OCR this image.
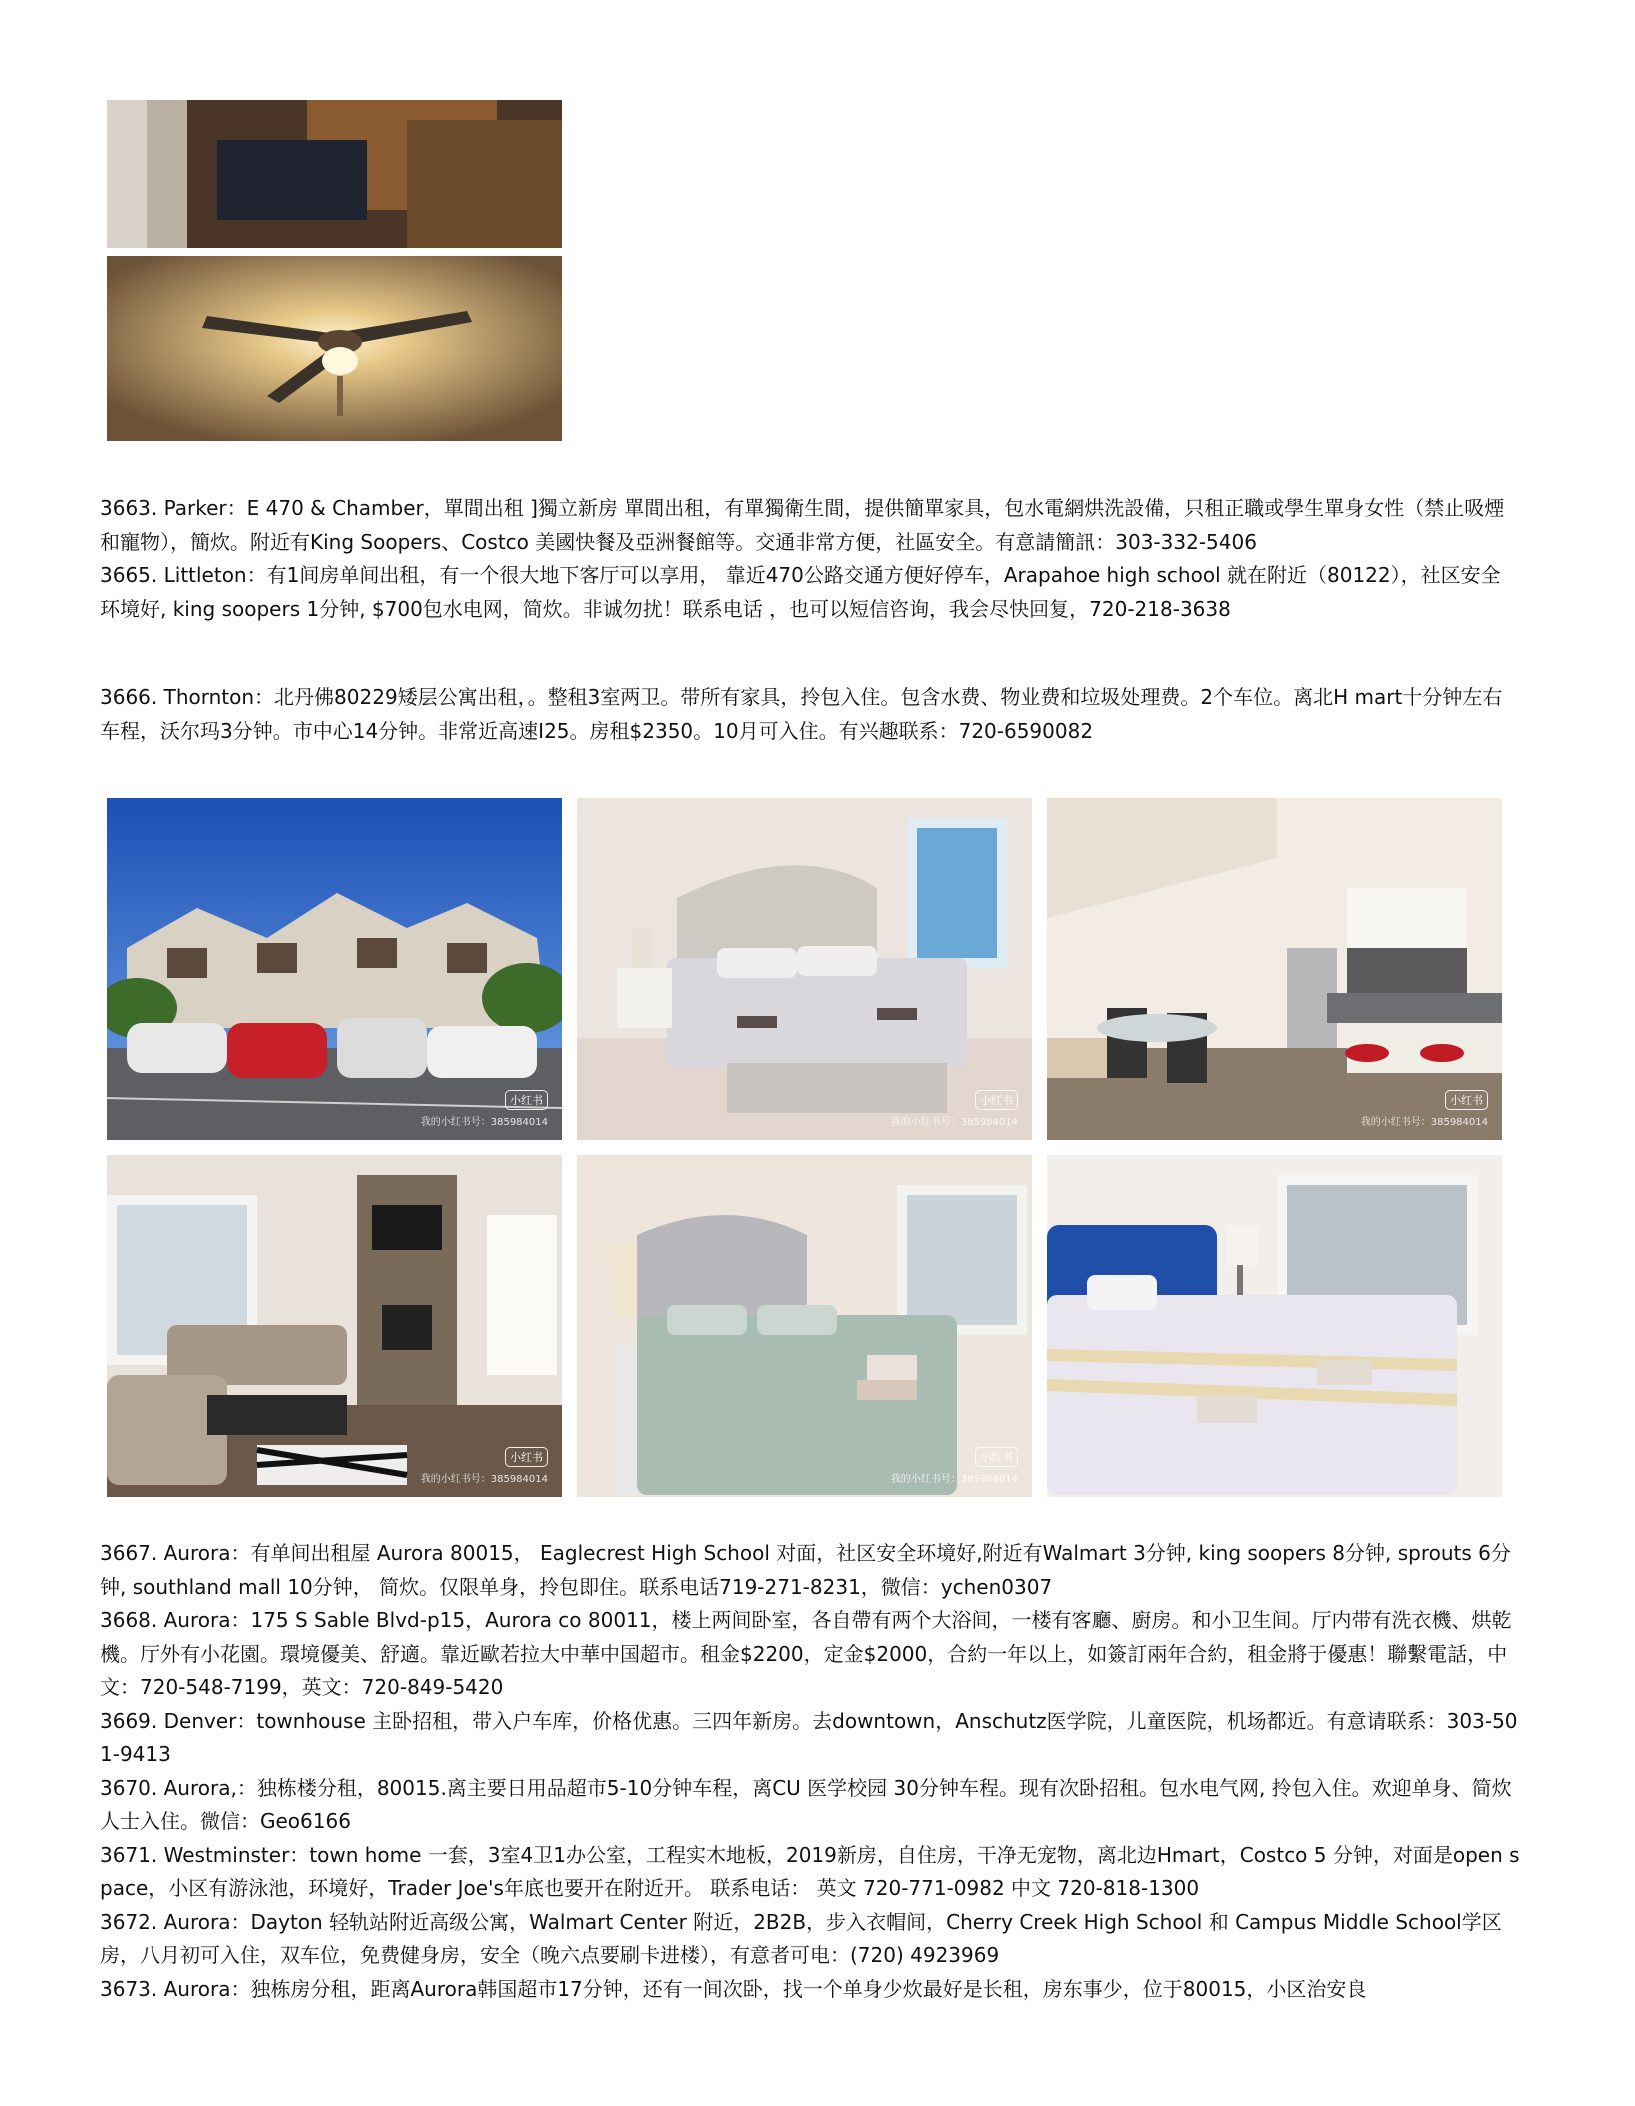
3663. Parker：E 470 & Chamber，單間出租 ]獨立新房 單間出租，有單獨衛生間，提供簡單家具，包水電網烘洗設備，只租正職或學生單身女性（禁止吸煙和寵物），簡炊。附近有King Soopers、Costco 美國快餐及亞洲餐館等。交通非常方便，社區安全。有意請簡訊：303-332-5406

3665. Littleton：有1间房单间出租，有一个很大地下客厅可以享用， 靠近470公路交通方便好停车，Arapahoe high school 就在附近（80122），社区安全环境好, king soopers 1分钟, $700包水电网，简炊。非诚勿扰！联系电话 ，也可以短信咨询，我会尽快回复，720-218-3638

3666. Thornton：北丹佛80229矮层公寓出租，。整租3室两卫。带所有家具，拎包入住。包含水费、物业费和垃圾处理费。2个车位。离北H mart十分钟左右车程，沃尔玛3分钟。市中心14分钟。非常近高速I25。房租$2350。10月可入住。有兴趣联系：720-6590082

小红书
我的小红书号：385984014
小红书
我的小红书号：385984014
小红书
我的小红书号：385984014
小红书
我的小红书号：385984014
小红书
我的小红书号：385984014

3667. Aurora：有单间出租屋 Aurora 80015， Eaglecrest High School 对面，社区安全环境好,附近有Walmart 3分钟, king soopers 8分钟, sprouts 6分钟, southland mall 10分钟， 简炊。仅限单身，拎包即住。联系电话719-271-8231，微信：ychen0307

3668. Aurora：175 S Sable Blvd-p15，Aurora co 80011，楼上两间卧室，各自帶有两个大浴间，一楼有客廳、廚房。和小卫生间。厅内带有洗衣機、烘乾機。厅外有小花園。環境優美、舒適。靠近歐若拉大中華中国超市。租金$2200，定金$2000，合約一年以上，如簽訂兩年合約，租金將于優惠！聯繫電話，中文：720-548-7199，英文：720-849-5420

3669. Denver：townhouse 主卧招租，带入户车库，价格优惠。三四年新房。去downtown，Anschutz医学院，儿童医院，机场都近。有意请联系：303-501-9413

3670. Aurora,：独栋楼分租，80015.离主要日用品超市5-10分钟车程，离CU 医学校园 30分钟车程。现有次卧招租。包水电气网, 拎包入住。欢迎单身、简炊人士入住。微信：Geo6166

3671. Westminster：town home 一套，3室4卫1办公室，工程实木地板，2019新房，自住房，干净无宠物，离北边Hmart，Costco 5 分钟，对面是open space，小区有游泳池，环境好，Trader Joe's年底也要开在附近开。 联系电话： 英文 720-771-0982 中文 720-818-1300

3672. Aurora：Dayton 轻轨站附近高级公寓，Walmart Center 附近，2B2B，步入衣帽间，Cherry Creek High School 和 Campus Middle School学区房，八月初可入住，双车位，免费健身房，安全（晚六点要刷卡进楼），有意者可电：(720) 4923969

3673. Aurora：独栋房分租，距离Aurora韩国超市17分钟，还有一间次卧，找一个单身少炊最好是长租，房东事少，位于80015，小区治安良
